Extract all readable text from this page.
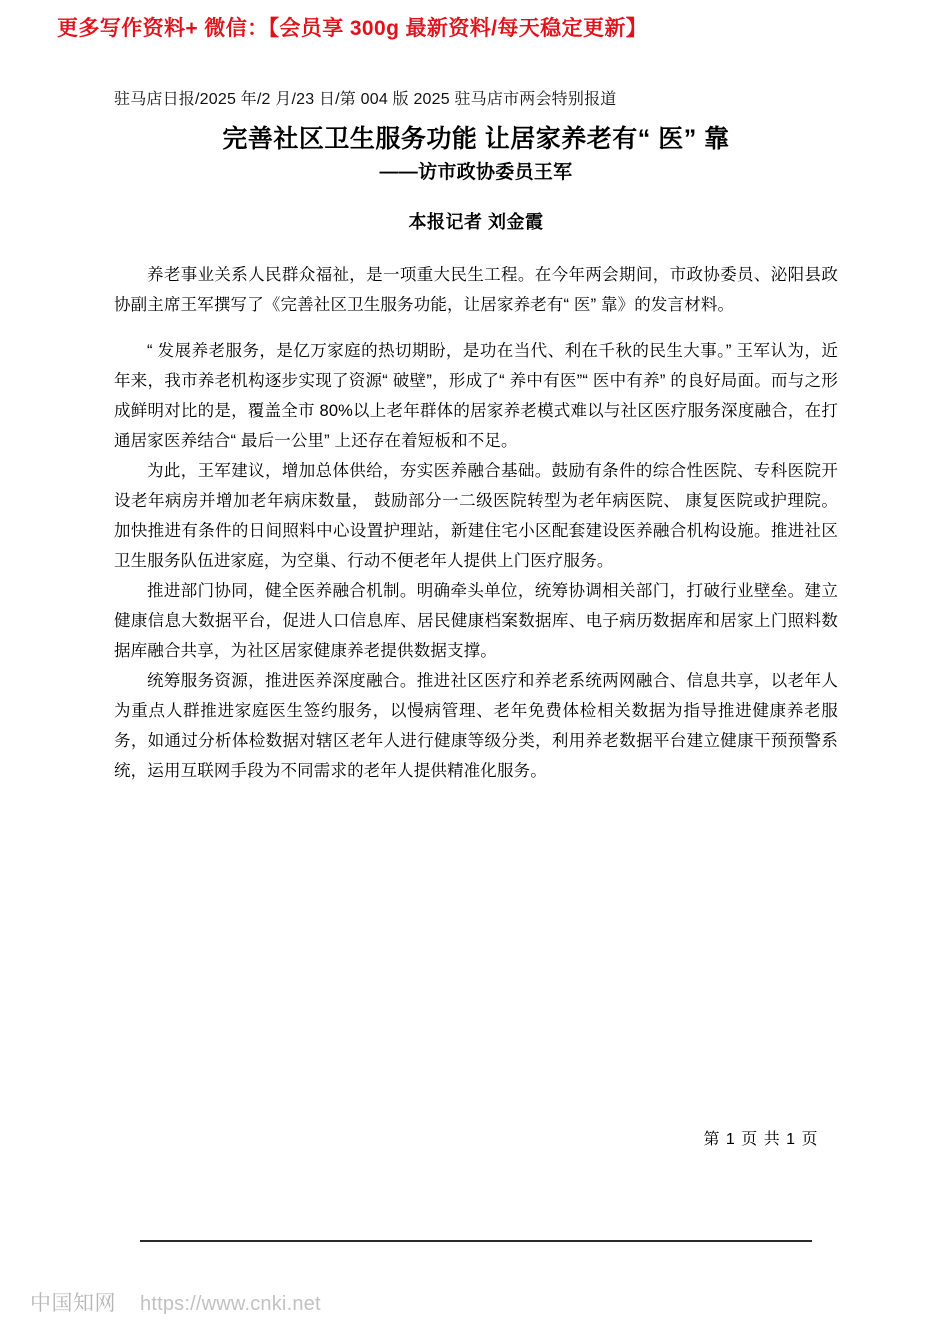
更多写作资料+ 微信：【会员享 300g 最新资料/每天稳定更新】

驻马店日报/2025 年/2 月/23 日/第 004 版 2025 驻马店市两会特别报道

完善社区卫生服务功能 让居家养老有“ 医” 靠
——访市政协委员王军

本报记者 刘金霞

养老事业关系人民群众福祉，是一项重大民生工程。在今年两会期间，市政协委员、泌阳县政协副主席王军撰写了《完善社区卫生服务功能，让居家养老有“ 医” 靠》的发言材料。

“ 发展养老服务，是亿万家庭的热切期盼，是功在当代、利在千秋的民生大事。” 王军认为，近年来，我市养老机构逐步实现了资源“ 破壁”，形成了“ 养中有医”“ 医中有养” 的良好局面。而与之形成鲜明对比的是，覆盖全市 80%以上老年群体的居家养老模式难以与社区医疗服务深度融合，在打通居家医养结合“ 最后一公里” 上还存在着短板和不足。

为此，王军建议，增加总体供给，夯实医养融合基础。鼓励有条件的综合性医院、专科医院开设老年病房并增加老年病床数量， 鼓励部分一二级医院转型为老年病医院、 康复医院或护理院。加快推进有条件的日间照料中心设置护理站，新建住宅小区配套建设医养融合机构设施。推进社区卫生服务队伍进家庭，为空巢、行动不便老年人提供上门医疗服务。

推进部门协同，健全医养融合机制。明确牵头单位，统筹协调相关部门，打破行业壁垒。建立健康信息大数据平台，促进人口信息库、居民健康档案数据库、电子病历数据库和居家上门照料数据库融合共享，为社区居家健康养老提供数据支撑。

统筹服务资源，推进医养深度融合。推进社区医疗和养老系统两网融合、信息共享，以老年人为重点人群推进家庭医生签约服务，以慢病管理、老年免费体检相关数据为指导推进健康养老服务，如通过分析体检数据对辖区老年人进行健康等级分类，利用养老数据平台建立健康干预预警系统，运用互联网手段为不同需求的老年人提供精准化服务。

第 1 页 共 1 页
中国知网 https://www.cnki.net
